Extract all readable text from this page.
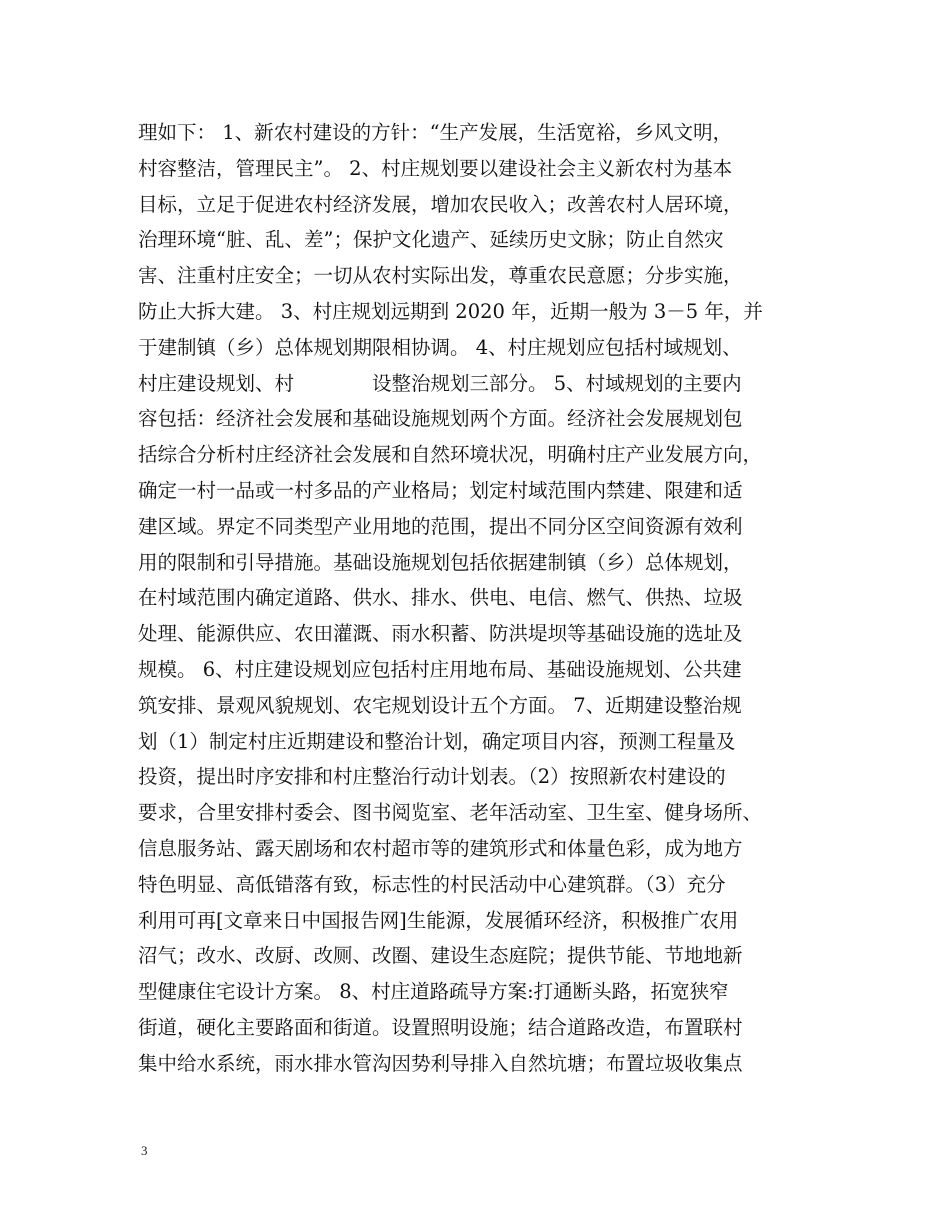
理如下： 1、新农村建设的方针：“生产发展，生活宽裕，乡风文明，
村容整洁，管理民主”。 2、村庄规划要以建设社会主义新农村为基本
目标，立足于促进农村经济发展，增加农民收入；改善农村人居环境，
治理环境“脏、乱、差”；保护文化遗产、延续历史文脉；防止自然灾
害、注重村庄安全；一切从农村实际出发，尊重农民意愿；分步实施，
防止大拆大建。 3、村庄规划远期到 2020 年，近期一般为 3－5 年，并
于建制镇（乡）总体规划期限相协调。 4、村庄规划应包括村域规划、
村庄建设规划、村　　　　设整治规划三部分。 5、村域规划的主要内
容包括：经济社会发展和基础设施规划两个方面。经济社会发展规划包
括综合分析村庄经济社会发展和自然环境状况，明确村庄产业发展方向，
确定一村一品或一村多品的产业格局；划定村域范围内禁建、限建和适
建区域。界定不同类型产业用地的范围，提出不同分区空间资源有效利
用的限制和引导措施。基础设施规划包括依据建制镇（乡）总体规划，
在村域范围内确定道路、供水、排水、供电、电信、燃气、供热、垃圾
处理、能源供应、农田灌溉、雨水积蓄、防洪堤坝等基础设施的选址及
规模。 6、村庄建设规划应包括村庄用地布局、基础设施规划、公共建
筑安排、景观风貌规划、农宅规划设计五个方面。 7、近期建设整治规
划（1）制定村庄近期建设和整治计划，确定项目内容，预测工程量及
投资，提出时序安排和村庄整治行动计划表。（2）按照新农村建设的
要求，合里安排村委会、图书阅览室、老年活动室、卫生室、健身场所、
信息服务站、露天剧场和农村超市等的建筑形式和体量色彩，成为地方
特色明显、高低错落有致，标志性的村民活动中心建筑群。（3）充分
利用可再[文章来日中国报告网]生能源，发展循环经济，积极推广农用
沼气；改水、改厨、改厕、改圈、建设生态庭院；提供节能、节地地新
型健康住宅设计方案。 8、村庄道路疏导方案:打通断头路，拓宽狭窄
街道，硬化主要路面和街道。设置照明设施；结合道路改造，布置联村
集中给水系统，雨水排水管沟因势利导排入自然坑塘；布置垃圾收集点
3
